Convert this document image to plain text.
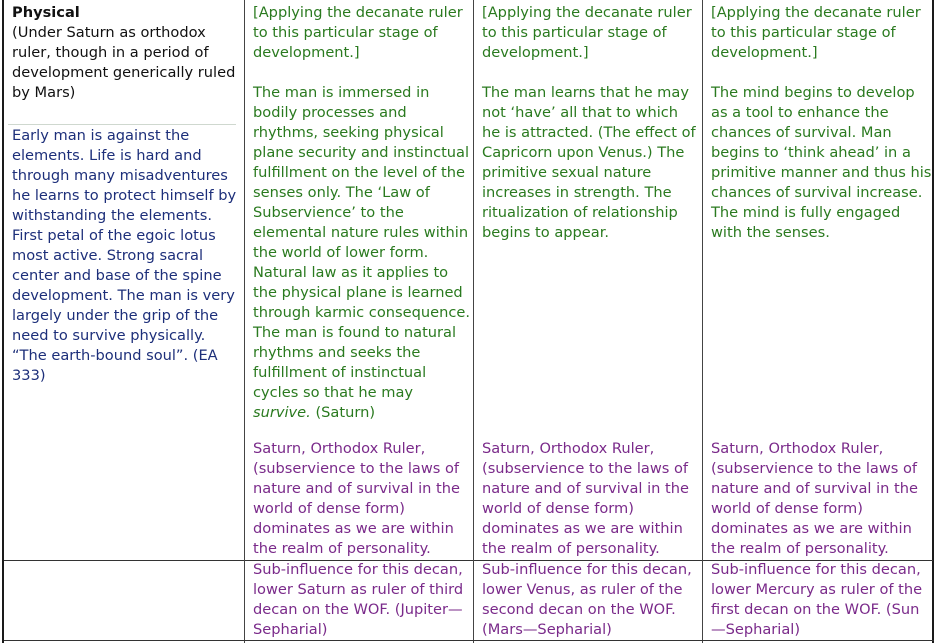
Physical

(Under Saturn as orthodox ruler, though in a period of development generically ruled by Mars)

Early man is against the elements. Life is hard and through many misadventures he learns to protect himself by withstanding the elements. First petal of the egoic lotus most active. Strong sacral center and base of the spine development. The man is very largely under the grip of the need to survive physically. “The earth-bound soul”. (EA 333)

[Applying the decanate ruler to this particular stage of development.]

The man is immersed in bodily processes and rhythms, seeking physical plane security and instinctual fulfillment on the level of the senses only. The ‘Law of Subservience’ to the elemental nature rules within the world of lower form. Natural law as it applies to the physical plane is learned through karmic consequence. The man is found to natural rhythms and seeks the fulfillment of instinctual cycles so that he may survive. (Saturn)

Saturn, Orthodox Ruler, (subservience to the laws of nature and of survival in the world of dense form) dominates as we are within the realm of personality.

Sub-influence for this decan, lower Saturn as ruler of third decan on the WOF. (Jupiter—Sepharial)

[Applying the decanate ruler to this particular stage of development.]

The man learns that he may not ‘have’ all that to which he is attracted. (The effect of Capricorn upon Venus.) The primitive sexual nature increases in strength. The ritualization of relationship begins to appear.

Saturn, Orthodox Ruler, (subservience to the laws of nature and of survival in the world of dense form) dominates as we are within the realm of personality.

Sub-influence for this decan, lower Venus, as ruler of the second decan on the WOF. (Mars—Sepharial)

[Applying the decanate ruler to this particular stage of development.]

The mind begins to develop as a tool to enhance the chances of survival. Man begins to ‘think ahead’ in a primitive manner and thus his chances of survival increase. The mind is fully engaged with the senses.

Saturn, Orthodox Ruler, (subservience to the laws of nature and of survival in the world of dense form) dominates as we are within the realm of personality.

Sub-influence for this decan, lower Mercury as ruler of the first decan on the WOF. (Sun—Sepharial)
